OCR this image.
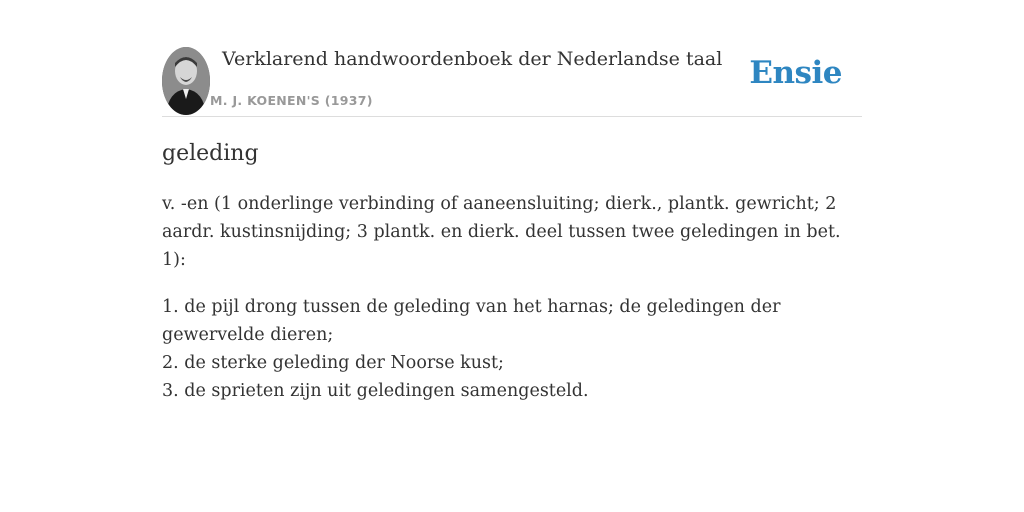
Verklarend handwoordenboek der Nederlandse taal
M. J. KOENEN'S (1937)
Ensie
geleding

v. -en (1 onderlinge verbinding of aaneensluiting; dierk., plantk. gewricht; 2 aardr. kustinsnijding; 3 plantk. en dierk. deel tussen twee geledingen in bet. 1):

1. de pijl drong tussen de geleding van het harnas; de geledingen der gewervelde dieren;
2. de sterke geleding der Noorse kust;
3. de sprieten zijn uit geledingen samengesteld.
